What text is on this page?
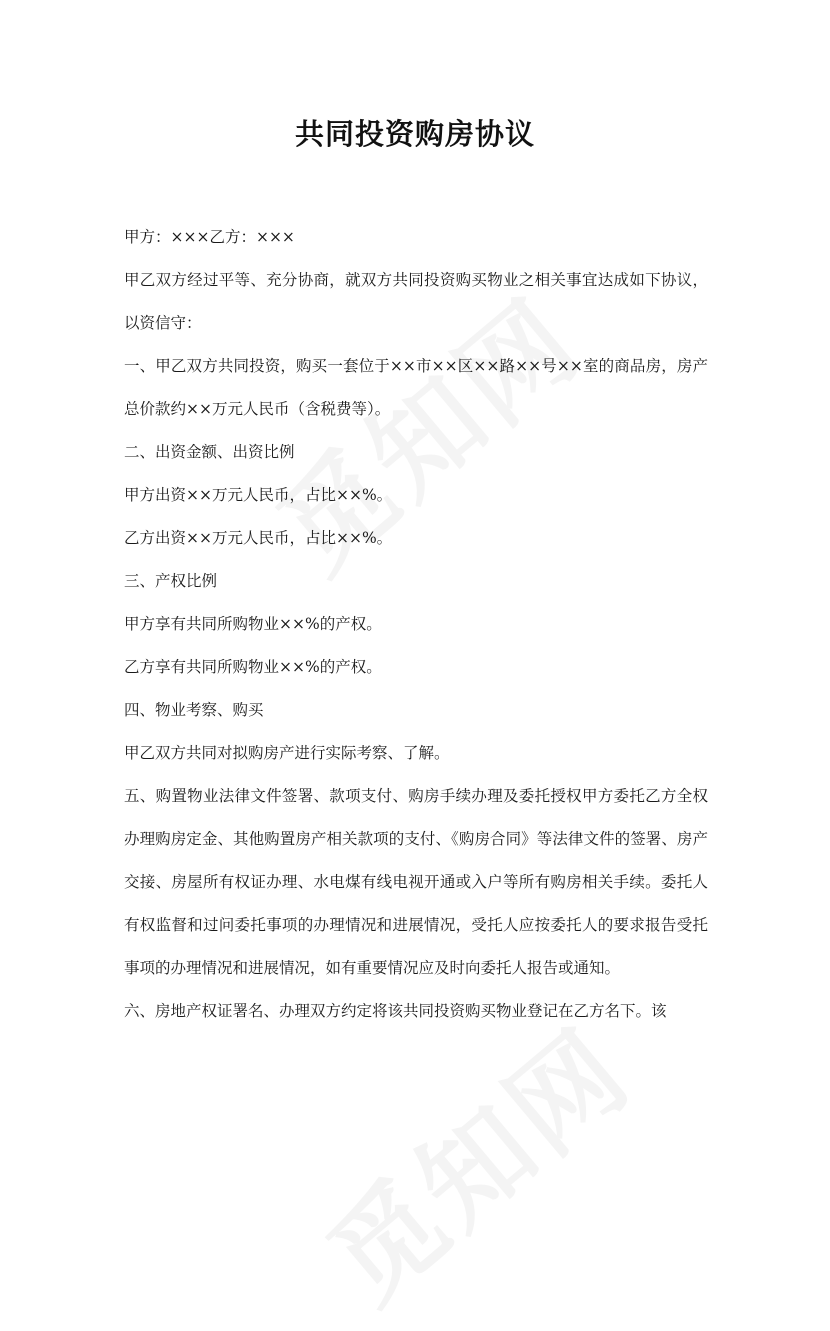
共同投资购房协议

甲方：×××乙方：×××

甲乙双方经过平等、充分协商，就双方共同投资购买物业之相关事宜达成如下协议，以资信守：

一、甲乙双方共同投资，购买一套位于××市××区××路××号××室的商品房，房产总价款约××万元人民币（含税费等）。

二、出资金额、出资比例

甲方出资××万元人民币，占比××%。

乙方出资××万元人民币，占比××%。

三、产权比例

甲方享有共同所购物业××%的产权。

乙方享有共同所购物业××%的产权。

四、物业考察、购买

甲乙双方共同对拟购房产进行实际考察、了解。

五、购置物业法律文件签署、款项支付、购房手续办理及委托授权甲方委托乙方全权办理购房定金、其他购置房产相关款项的支付、《购房合同》等法律文件的签署、房产交接、房屋所有权证办理、水电煤有线电视开通或入户等所有购房相关手续。委托人有权监督和过问委托事项的办理情况和进展情况，受托人应按委托人的要求报告受托事项的办理情况和进展情况，如有重要情况应及时向委托人报告或通知。

六、房地产权证署名、办理双方约定将该共同投资购买物业登记在乙方名下。该
